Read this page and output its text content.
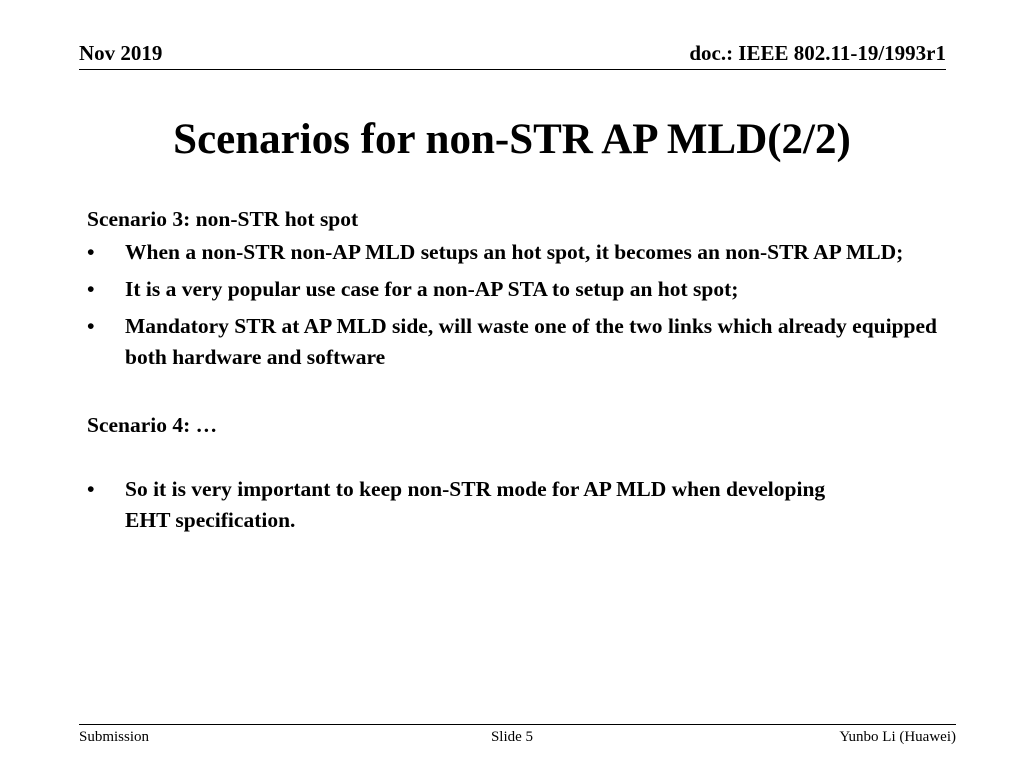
Nov 2019	doc.: IEEE 802.11-19/1993r1
Scenarios for non-STR AP MLD(2/2)

Scenario 3: non-STR hot spot

• When a non-STR non-AP MLD setups an hot spot, it becomes an non-STR AP MLD;
• It is a very popular use case for a non-AP STA to setup an hot spot;
• Mandatory STR at AP MLD side, will waste one of the two links which already equipped both hardware and software

Scenario 4: …

• So it is very important to keep non-STR mode for AP MLD when developing EHT specification.
Submission	Slide 5	Yunbo Li (Huawei)
